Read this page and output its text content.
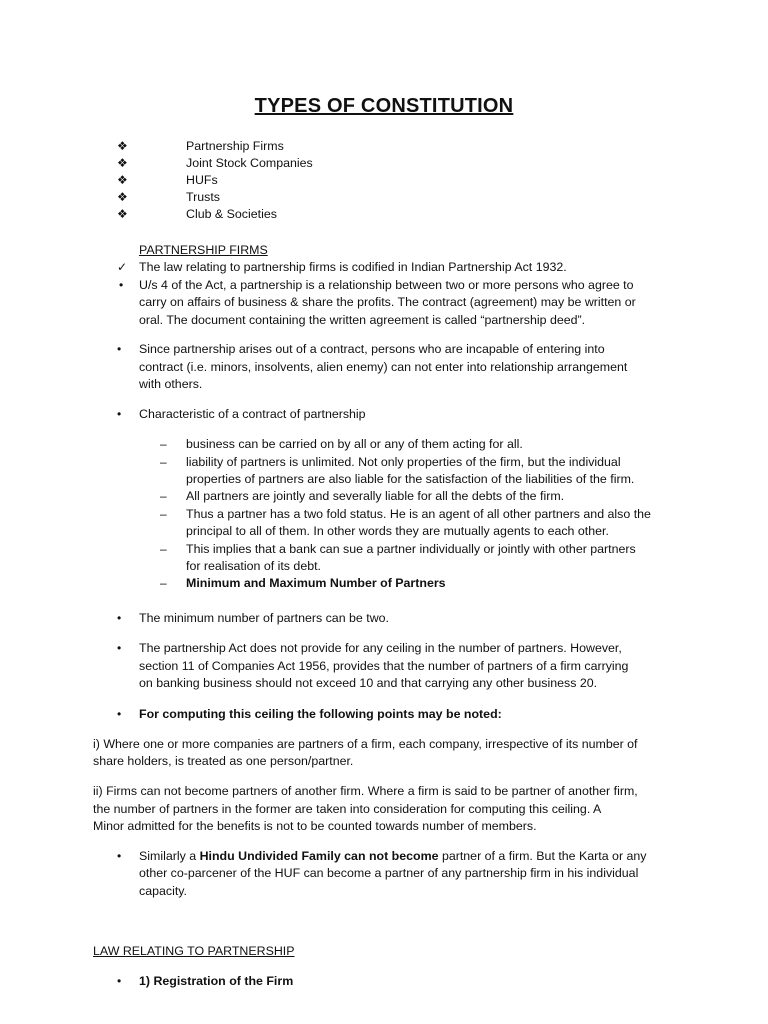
TYPES OF CONSTITUTION
❖	Partnership Firms
❖	Joint Stock Companies
❖	HUFs
❖	Trusts
❖	Club & Societies
PARTNERSHIP FIRMS
✓ The law relating to partnership firms is codified in Indian Partnership Act 1932.
• U/s 4 of the Act, a partnership is a relationship between two or more persons who agree to
carry on affairs of business & share the profits. The contract (agreement) may be written or
oral. The document containing the written agreement is called “partnership deed”.
• Since partnership arises out of a contract, persons who are incapable of entering into
contract (i.e. minors, insolvents, alien enemy) can not enter into relationship arrangement
with others.
• Characteristic of a contract of partnership
– business can be carried on by all or any of them acting for all.
– liability of partners is unlimited. Not only properties of the firm, but the individual
properties of partners are also liable for the satisfaction of the liabilities of the firm.
– All partners are jointly and severally liable for all the debts of the firm.
– Thus a partner has a two fold status. He is an agent of all other partners and also the
principal to all of them. In other words they are mutually agents to each other.
– This implies that a bank can sue a partner individually or jointly with other partners
for realisation of its debt.
– Minimum and Maximum Number of Partners
• The minimum number of partners can be two.
• The partnership Act does not provide for any ceiling in the number of partners. However,
section 11 of Companies Act 1956, provides that the number of partners of a firm carrying
on banking business should not exceed 10 and that carrying any other business 20.
• For computing this ceiling the following points may be noted:
i) Where one or more companies are partners of a firm, each company, irrespective of its number of
share holders, is treated as one person/partner.
ii) Firms can not become partners of another firm. Where a firm is said to be partner of another firm,
the number of partners in the former are taken into consideration for computing this ceiling. A
Minor admitted for the benefits is not to be counted towards number of members.
• Similarly a Hindu Undivided Family can not become partner of a firm. But the Karta or any
other co-parcener of the HUF can become a partner of any partnership firm in his individual
capacity.
LAW RELATING TO PARTNERSHIP
• 1) Registration of the Firm
